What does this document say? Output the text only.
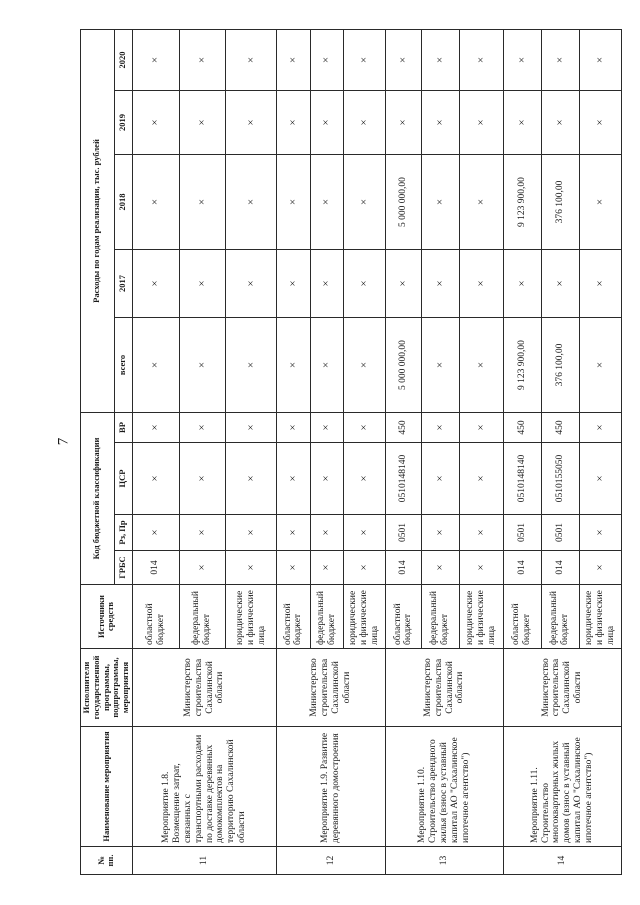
7
№ пп.	Наименование мероприятия	Исполнители государственной программы, подпрограммы, мероприятия	Источники средств	Код бюджетной классификации				Расходы по годам реализации, тыс. рублей				
				ГРБС	Рз, Пр	ЦСР	ВР	всего	2017	2018	2019	2020
11	Мероприятие 1.8. Возмещение затрат, связанных с транспортными расходами по доставке деревянных домокомплектов на территорию Сахалинской области	Министерство строительства Сахалинской области	областной бюджет	014	×	×	×	×	×	×	×	×
			федеральный бюджет	×	×	×	×	×	×	×	×	×
			юридические и физические лица	×	×	×	×	×	×	×	×	×
12	Мероприятие 1.9. Развитие деревянного домостроения	Министерство строительства Сахалинской области	областной бюджет	×	×	×	×	×	×	×	×	×
			федеральный бюджет	×	×	×	×	×	×	×	×	×
			юридические и физические лица	×	×	×	×	×	×	×	×	×
13	Мероприятие 1.10. Строительство арендного жилья (взнос в уставный капитал АО "Сахалинское ипотечное агентство")	Министерство строительства Сахалинской области	областной бюджет	014	0501	0510148140	450	5 000 000,00	×	5 000 000,00	×	×
			федеральный бюджет	×	×	×	×	×	×	×	×	×
			юридические и физические лица	×	×	×	×	×	×	×	×	×
14	Мероприятие 1.11. Строительство многоквартирных жилых домов (взнос в уставный капитал АО "Сахалинское ипотечное агентство")	Министерство строительства Сахалинской области	областной бюджет	014	0501	0510148140	450	9 123 900,00	×	9 123 900,00	×	×
			федеральный бюджет	014	0501	0510155050	450	376 100,00	×	376 100,00	×	×
			юридические и физические лица	×	×	×	×	×	×	×	×	×
